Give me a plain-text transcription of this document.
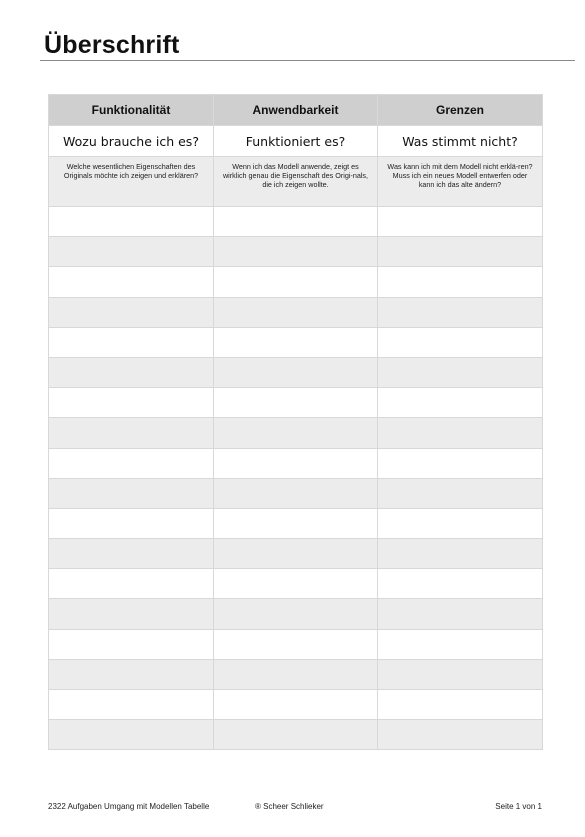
Überschrift
Funktionalität	Anwendbarkeit	Grenzen
Wozu brauche ich es?	Funktioniert es?	Was stimmt nicht?
Welche wesentlichen Eigenschaften des Originals möchte ich zeigen und erklären?	Wenn ich das Modell anwende, zeigt es wirklich genau die Eigenschaft des Origi-nals, die ich zeigen wollte.	Was kann ich mit dem Modell nicht erklä-ren? Muss ich ein neues Modell entwerfen oder kann ich das alte ändern?

2322 Aufgaben Umgang mit Modellen Tabelle	® Scheer Schlieker	Seite 1 von 1
